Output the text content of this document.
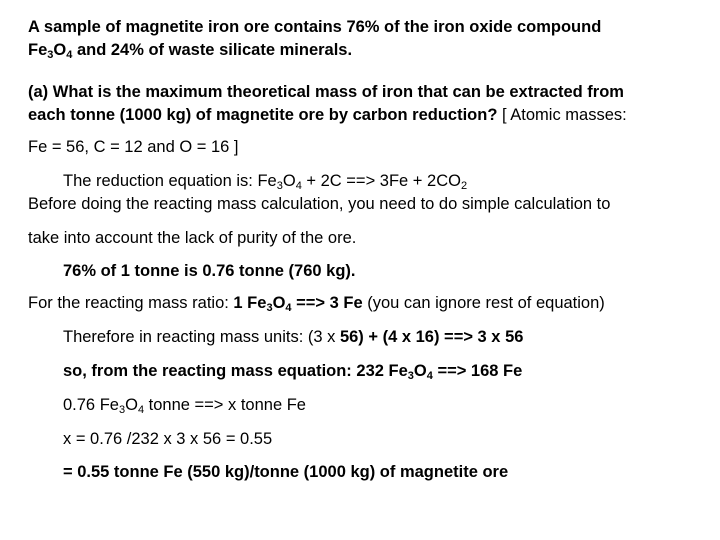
A sample of magnetite iron ore contains 76% of the iron oxide compound
$Fe_3O_4$ and 24% of waste silicate minerals.
(a) What is the maximum theoretical mass of iron that can be extracted from
each tonne (1000 kg) of magnetite ore by carbon reduction? [ Atomic masses:
Fe = 56, C = 12 and O = 16 ]
The reduction equation is: $Fe_3O_4 + 2C$ ==> $3Fe + 2CO_2$
Before doing the reacting mass calculation, you need to do simple calculation to
take into account the lack of purity of the ore.
76% of 1 tonne is 0.76 tonne (760 kg).
For the reacting mass ratio: 1 $Fe_3O_4$ ==> 3 Fe (you can ignore rest of equation)
Therefore in reacting mass units: (3 x 56) + (4 x 16) ==> 3 x 56
so, from the reacting mass equation: 232 $Fe_3O_4$ ==> 168 Fe
0.76 $Fe_3O_4$ tonne ==> x tonne Fe
x = 0.76 /232 x 3 x 56 = 0.55
= 0.55 tonne Fe (550 kg)/tonne (1000 kg) of magnetite ore
